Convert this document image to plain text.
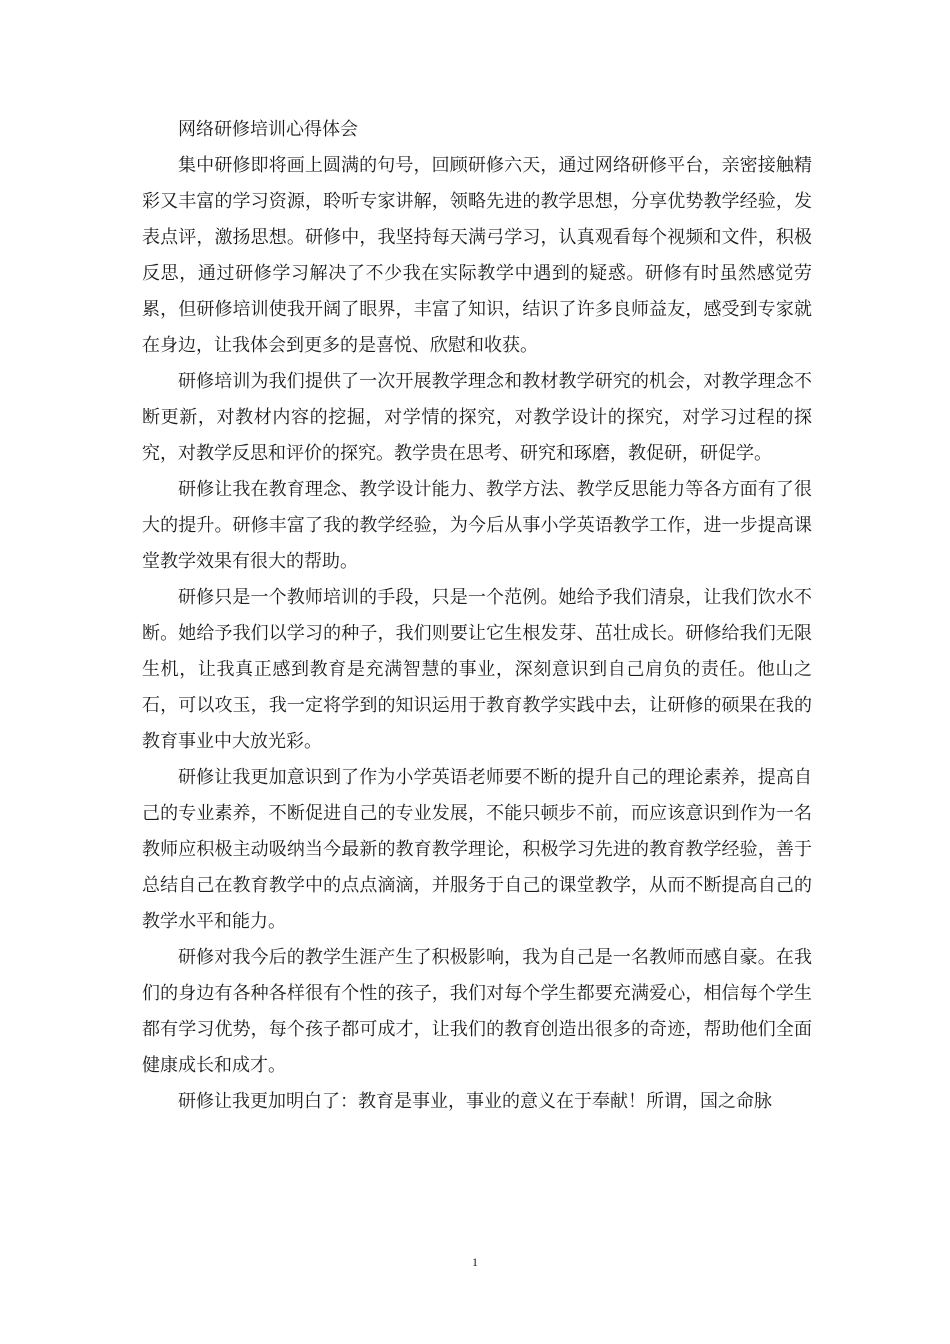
网络研修培训心得体会

集中研修即将画上圆满的句号，回顾研修六天，通过网络研修平台，亲密接触精彩又丰富的学习资源，聆听专家讲解，领略先进的教学思想，分享优势教学经验，发表点评，激扬思想。研修中，我坚持每天满弓学习，认真观看每个视频和文件，积极反思，通过研修学习解决了不少我在实际教学中遇到的疑惑。研修有时虽然感觉劳累，但研修培训使我开阔了眼界，丰富了知识，结识了许多良师益友，感受到专家就在身边，让我体会到更多的是喜悦、欣慰和收获。

研修培训为我们提供了一次开展教学理念和教材教学研究的机会，对教学理念不断更新，对教材内容的挖掘，对学情的探究，对教学设计的探究，对学习过程的探究，对教学反思和评价的探究。教学贵在思考、研究和琢磨，教促研，研促学。

研修让我在教育理念、教学设计能力、教学方法、教学反思能力等各方面有了很大的提升。研修丰富了我的教学经验，为今后从事小学英语教学工作，进一步提高课堂教学效果有很大的帮助。

研修只是一个教师培训的手段，只是一个范例。她给予我们清泉，让我们饮水不断。她给予我们以学习的种子，我们则要让它生根发芽、茁壮成长。研修给我们无限生机，让我真正感到教育是充满智慧的事业，深刻意识到自己肩负的责任。他山之石，可以攻玉，我一定将学到的知识运用于教育教学实践中去，让研修的硕果在我的教育事业中大放光彩。

研修让我更加意识到了作为小学英语老师要不断的提升自己的理论素养，提高自己的专业素养，不断促进自己的专业发展，不能只顿步不前，而应该意识到作为一名教师应积极主动吸纳当今最新的教育教学理论，积极学习先进的教育教学经验，善于总结自己在教育教学中的点点滴滴，并服务于自己的课堂教学，从而不断提高自己的教学水平和能力。

研修对我今后的教学生涯产生了积极影响，我为自己是一名教师而感自豪。在我们的身边有各种各样很有个性的孩子，我们对每个学生都要充满爱心，相信每个学生都有学习优势，每个孩子都可成才，让我们的教育创造出很多的奇迹，帮助他们全面健康成长和成才。

研修让我更加明白了：教育是事业，事业的意义在于奉献！所谓，国之命脉

1
